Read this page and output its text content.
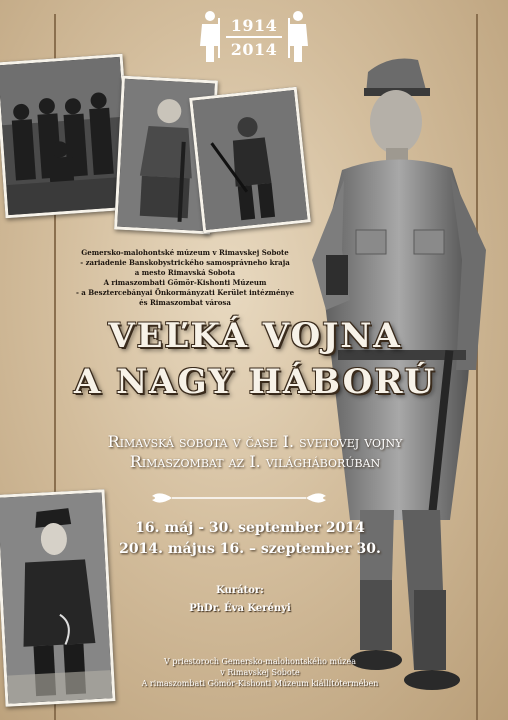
1914
2014
Gemersko-malohontské múzeum v Rimavskej Sobote
- zariadenie Banskobystrického samosprávneho kraja
a mesto Rimavská Sobota
A rimaszombati Gömör-Kishonti Múzeum
- a Besztercebányai Önkormányzati Kerület intézménye
és Rimaszombat városa
VEĽKÁ VOJNA
A NAGY HÁBORÚ
Rimavská sobota v čase I. svetovej vojny
Rimaszombat az I. világháborúban
16. máj - 30. september 2014
2014. május 16. – szeptember 30.
Kurátor:
PhDr. Éva Kerényi
V priestoroch Gemersko-malohontského múzea
v Rimavskej Sobote
A rimaszombati Gömör-Kishonti Múzeum kiállítótermében
